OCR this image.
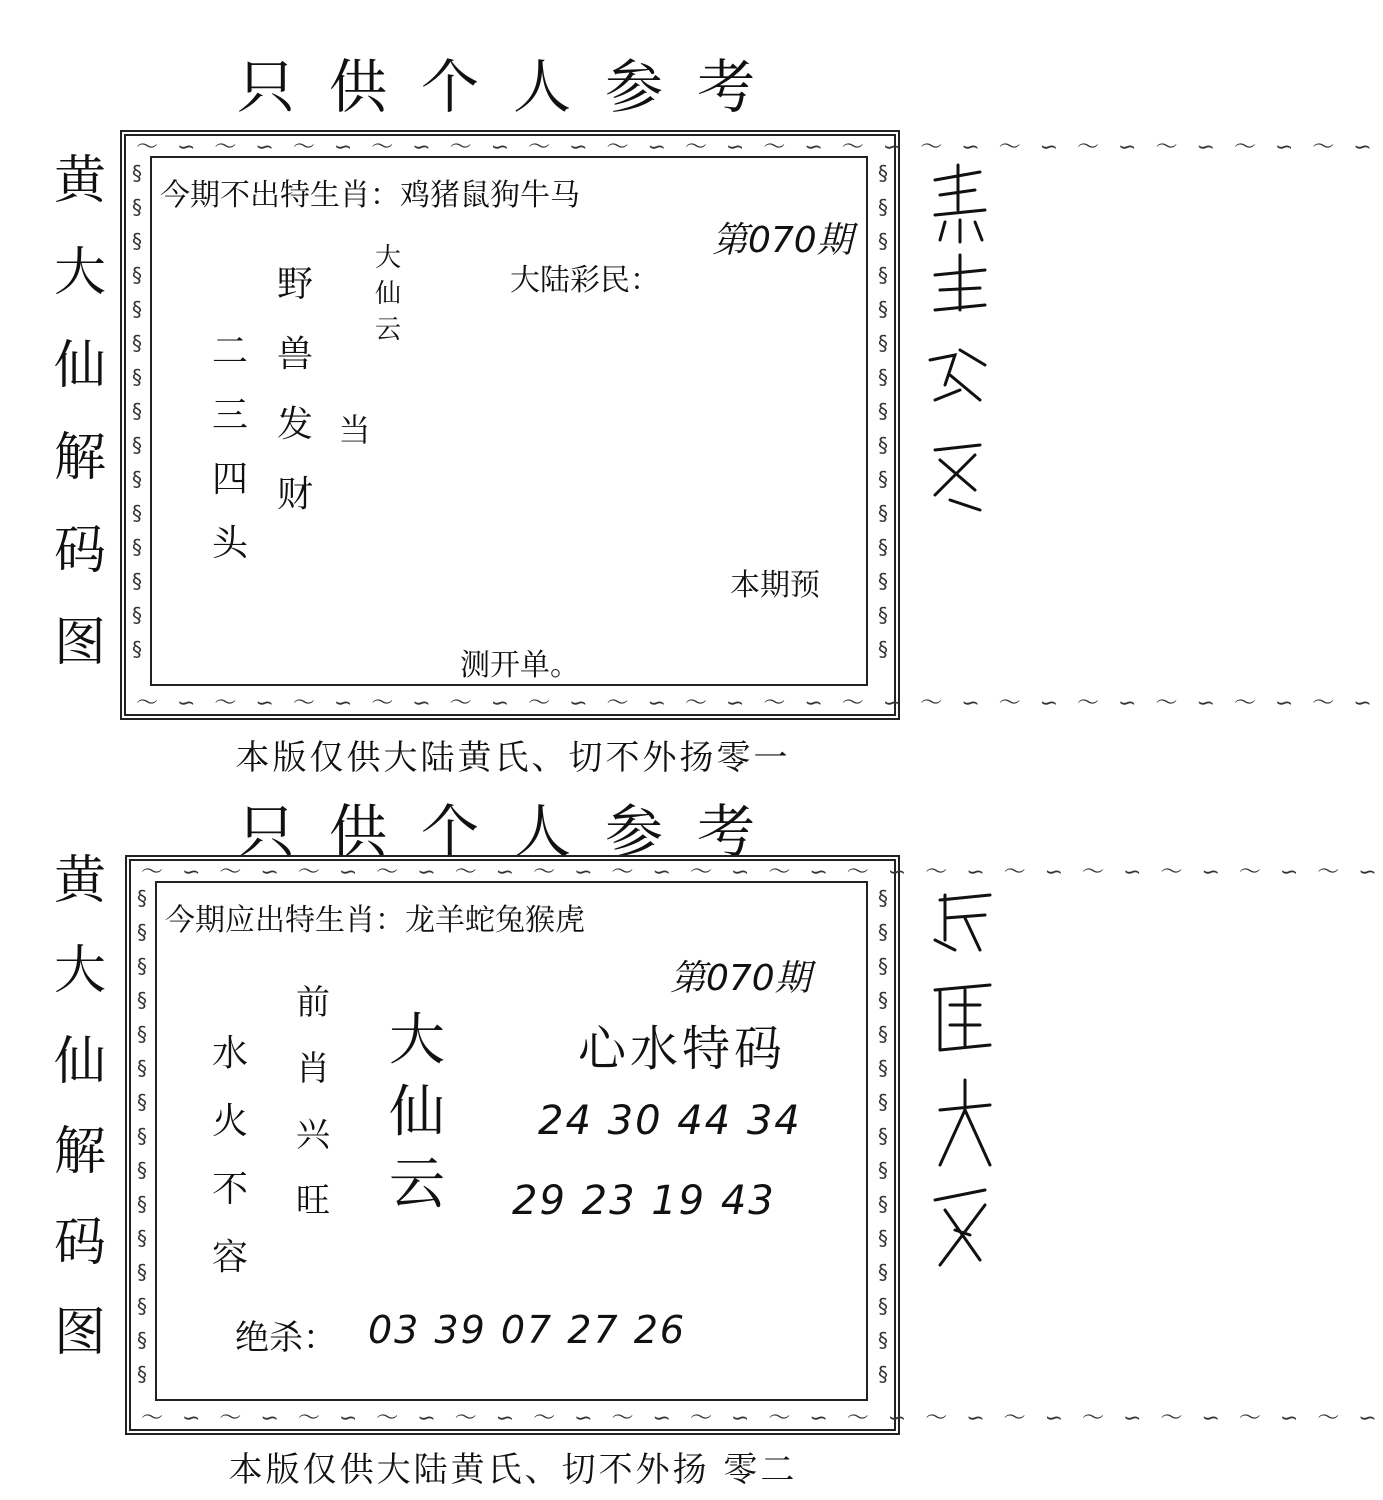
只供个人参考
黄
大
仙
解
码
图
～ ∽ ～ ∽ ～ ∽ ～ ∽ ～ ∽ ～ ∽ ～ ∽ ～ ∽ ～ ∽ ～ ∽ ～ ∽ ～ ∽ ～ ∽ ～ ∽ ～ ∽ ～ ∽
～ ∽ ～ ∽ ～ ∽ ～ ∽ ～ ∽ ～ ∽ ～ ∽ ～ ∽ ～ ∽ ～ ∽ ～ ∽ ～ ∽ ～ ∽ ～ ∽ ～ ∽ ～ ∽
§
§
§
§
§
§
§
§
§
§
§
§
§
§
§
§
§
§
§
§
§
§
§
§
§
§
§
§
§
§
今期不出特生肖：鸡猪鼠狗牛马
第070期
二
三
四
头
野
兽
发
财
当
大
仙
云
大陆彩民：
本期预
测开单。
本版仅供大陆黄氏、切不外扬零一
只供个人参考
黄
大
仙
解
码
图
～ ∽ ～ ∽ ～ ∽ ～ ∽ ～ ∽ ～ ∽ ～ ∽ ～ ∽ ～ ∽ ～ ∽ ～ ∽ ～ ∽ ～ ∽ ～ ∽ ～ ∽ ～ ∽
～ ∽ ～ ∽ ～ ∽ ～ ∽ ～ ∽ ～ ∽ ～ ∽ ～ ∽ ～ ∽ ～ ∽ ～ ∽ ～ ∽ ～ ∽ ～ ∽ ～ ∽ ～ ∽
§
§
§
§
§
§
§
§
§
§
§
§
§
§
§
§
§
§
§
§
§
§
§
§
§
§
§
§
§
§
今期应出特生肖：龙羊蛇兔猴虎
第070期
水
火
不
容
前
肖
兴
旺
大
仙
云
心水特码
24 30 44 34
29 23 19 43
绝杀： 03 39 07 27 26
本版仅供大陆黄氏、切不外扬 零二
